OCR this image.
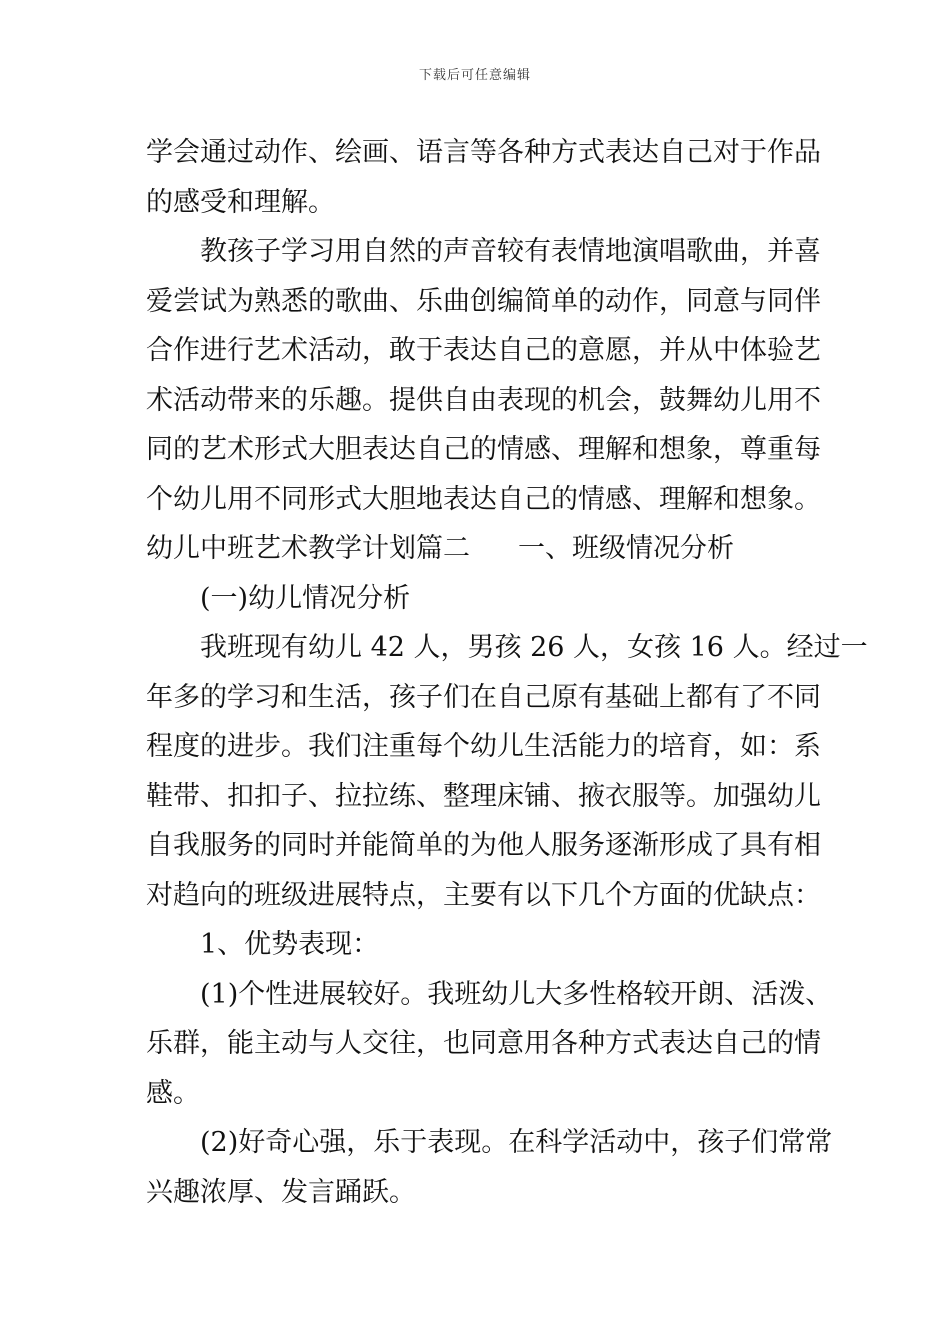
下载后可任意编辑
学会通过动作、绘画、语言等各种方式表达自己对于作品
的感受和理解。
教孩子学习用自然的声音较有表情地演唱歌曲，并喜
爱尝试为熟悉的歌曲、乐曲创编简单的动作，同意与同伴
合作进行艺术活动，敢于表达自己的意愿，并从中体验艺
术活动带来的乐趣。提供自由表现的机会，鼓舞幼儿用不
同的艺术形式大胆表达自己的情感、理解和想象，尊重每
个幼儿用不同形式大胆地表达自己的情感、理解和想象。
幼儿中班艺术教学计划篇二 一、班级情况分析
(一)幼儿情况分析
我班现有幼儿 42 人，男孩 26 人，女孩 16 人。经过一
年多的学习和生活，孩子们在自己原有基础上都有了不同
程度的进步。我们注重每个幼儿生活能力的培育，如：系
鞋带、扣扣子、拉拉练、整理床铺、掖衣服等。加强幼儿
自我服务的同时并能简单的为他人服务逐渐形成了具有相
对趋向的班级进展特点，主要有以下几个方面的优缺点：
1、优势表现：
(1)个性进展较好。我班幼儿大多性格较开朗、活泼、
乐群，能主动与人交往，也同意用各种方式表达自己的情
感。
(2)好奇心强，乐于表现。在科学活动中，孩子们常常
兴趣浓厚、发言踊跃。
